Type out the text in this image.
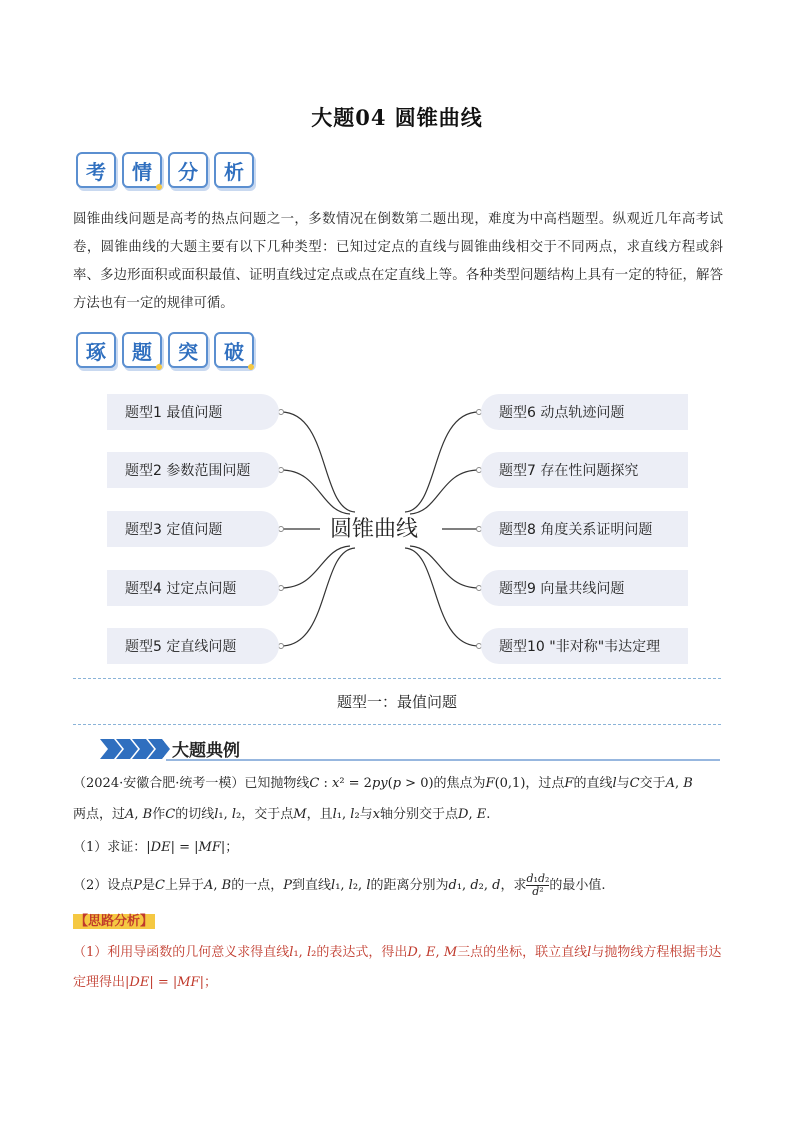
大题04 圆锥曲线
考 情 分 析
圆锥曲线问题是高考的热点问题之一，多数情况在倒数第二题出现，难度为中高档题型。纵观近几年高考试卷，圆锥曲线的大题主要有以下几种类型：已知过定点的直线与圆锥曲线相交于不同两点，求直线方程或斜率、多边形面积或面积最值、证明直线过定点或点在定直线上等。各种类型问题结构上具有一定的特征，解答方法也有一定的规律可循。
琢 题 突 破
圆锥曲线
题型1 最值问题
题型2 参数范围问题
题型3 定值问题
题型4 过定点问题
题型5 定直线问题
题型6 动点轨迹问题
题型7 存在性问题探究
题型8 角度关系证明问题
题型9 向量共线问题
题型10 "非对称"韦达定理
题型一：最值问题
大题典例
（2024·安徽合肥·统考一模）已知抛物线C : x² = 2py(p > 0)的焦点为F(0,1)，过点F的直线l与C交于A, B
两点，过A, B作C的切线l₁, l₂，交于点M，且l₁, l₂与x轴分别交于点D, E.
（1）求证：|DE| = |MF|；
（2）设点P是C上异于A, B的一点，P到直线l₁, l₂, l的距离分别为d₁, d₂, d，求 $\frac{\text{d₁d₂}}{\text{d²}}$ 的最小值.
【思路分析】
（1）利用导函数的几何意义求得直线l₁, l₂的表达式，得出D, E, M三点的坐标，联立直线l与抛物线方程根据韦达定理得出|DE| = |MF|；
